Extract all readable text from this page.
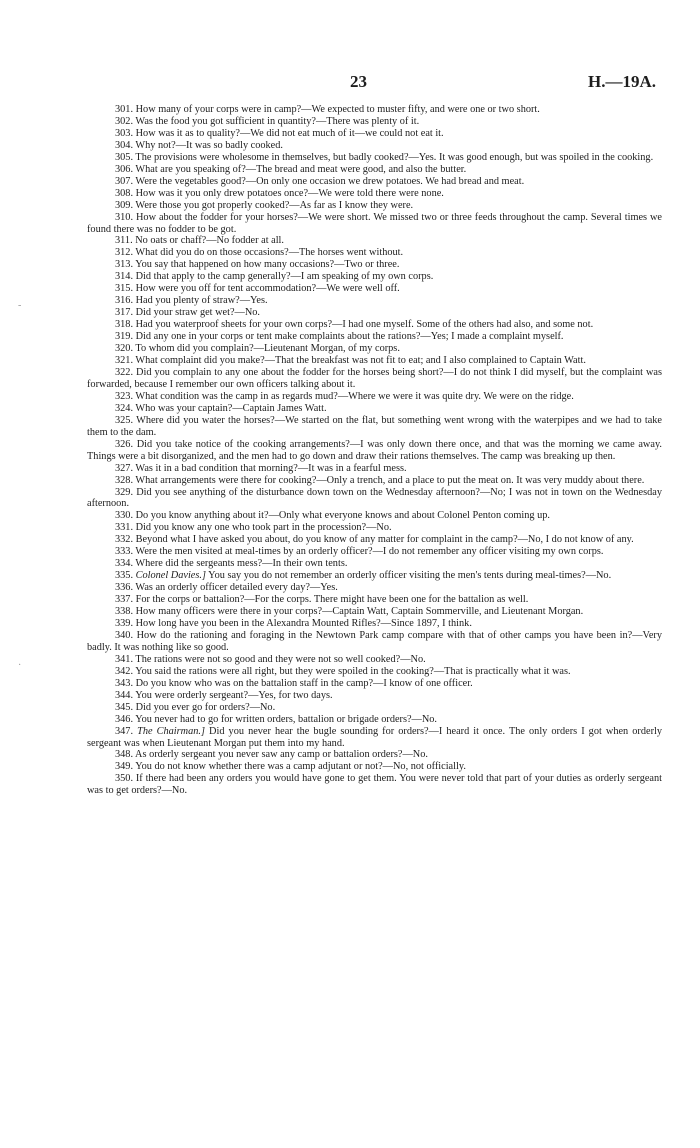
23	H.—19A.

301. How many of your corps were in camp?—We expected to muster fifty, and were one or two short.

302. Was the food you got sufficient in quantity?—There was plenty of it.

303. How was it as to quality?—We did not eat much of it—we could not eat it.

304. Why not?—It was so badly cooked.

305. The provisions were wholesome in themselves, but badly cooked?—Yes. It was good enough, but was spoiled in the cooking.

306. What are you speaking of?—The bread and meat were good, and also the butter.

307. Were the vegetables good?—On only one occasion we drew potatoes. We had bread and meat.

308. How was it you only drew potatoes once?—We were told there were none.

309. Were those you got properly cooked?—As far as I know they were.

310. How about the fodder for your horses?—We were short. We missed two or three feeds throughout the camp. Several times we found there was no fodder to be got.

311. No oats or chaff?—No fodder at all.

312. What did you do on those occasions?—The horses went without.

313. You say that happened on how many occasions?—Two or three.

314. Did that apply to the camp generally?—I am speaking of my own corps.

315. How were you off for tent accommodation?—We were well off.

316. Had you plenty of straw?—Yes.

317. Did your straw get wet?—No.

318. Had you waterproof sheets for your own corps?—I had one myself. Some of the others had also, and some not.

319. Did any one in your corps or tent make complaints about the rations?—Yes; I made a complaint myself.

320. To whom did you complain?—Lieutenant Morgan, of my corps.

321. What complaint did you make?—That the breakfast was not fit to eat; and I also complained to Captain Watt.

322. Did you complain to any one about the fodder for the horses being short?—I do not think I did myself, but the complaint was forwarded, because I remember our own officers talking about it.

323. What condition was the camp in as regards mud?—Where we were it was quite dry. We were on the ridge.

324. Who was your captain?—Captain James Watt.

325. Where did you water the horses?—We started on the flat, but something went wrong with the waterpipes and we had to take them to the dam.

326. Did you take notice of the cooking arrangements?—I was only down there once, and that was the morning we came away. Things were a bit disorganized, and the men had to go down and draw their rations themselves. The camp was breaking up then.

327. Was it in a bad condition that morning?—It was in a fearful mess.

328. What arrangements were there for cooking?—Only a trench, and a place to put the meat on. It was very muddy about there.

329. Did you see anything of the disturbance down town on the Wednesday afternoon?—No; I was not in town on the Wednesday afternoon.

330. Do you know anything about it?—Only what everyone knows and about Colonel Penton coming up.

331. Did you know any one who took part in the procession?—No.

332. Beyond what I have asked you about, do you know of any matter for complaint in the camp?—No, I do not know of any.

333. Were the men visited at meal-times by an orderly officer?—I do not remember any officer visiting my own corps.

334. Where did the sergeants mess?—In their own tents.

335. Colonel Davies.] You say you do not remember an orderly officer visiting the men's tents during meal-times?—No.

336. Was an orderly officer detailed every day?—Yes.

337. For the corps or battalion?—For the corps. There might have been one for the battalion as well.

338. How many officers were there in your corps?—Captain Watt, Captain Sommerville, and Lieutenant Morgan.

339. How long have you been in the Alexandra Mounted Rifles?—Since 1897, I think.

340. How do the rationing and foraging in the Newtown Park camp compare with that of other camps you have been in?—Very badly. It was nothing like so good.

341. The rations were not so good and they were not so well cooked?—No.

342. You said the rations were all right, but they were spoiled in the cooking?—That is practically what it was.

343. Do you know who was on the battalion staff in the camp?—I know of one officer.

344. You were orderly sergeant?—Yes, for two days.

345. Did you ever go for orders?—No.

346. You never had to go for written orders, battalion or brigade orders?—No.

347. The Chairman.] Did you never hear the bugle sounding for orders?—I heard it once. The only orders I got when orderly sergeant was when Lieutenant Morgan put them into my hand.

348. As orderly sergeant you never saw any camp or battalion orders?—No.

349. You do not know whether there was a camp adjutant or not?—No, not officially.

350. If there had been any orders you would have gone to get them. You were never told that part of your duties as orderly sergeant was to get orders?—No.

-
·
